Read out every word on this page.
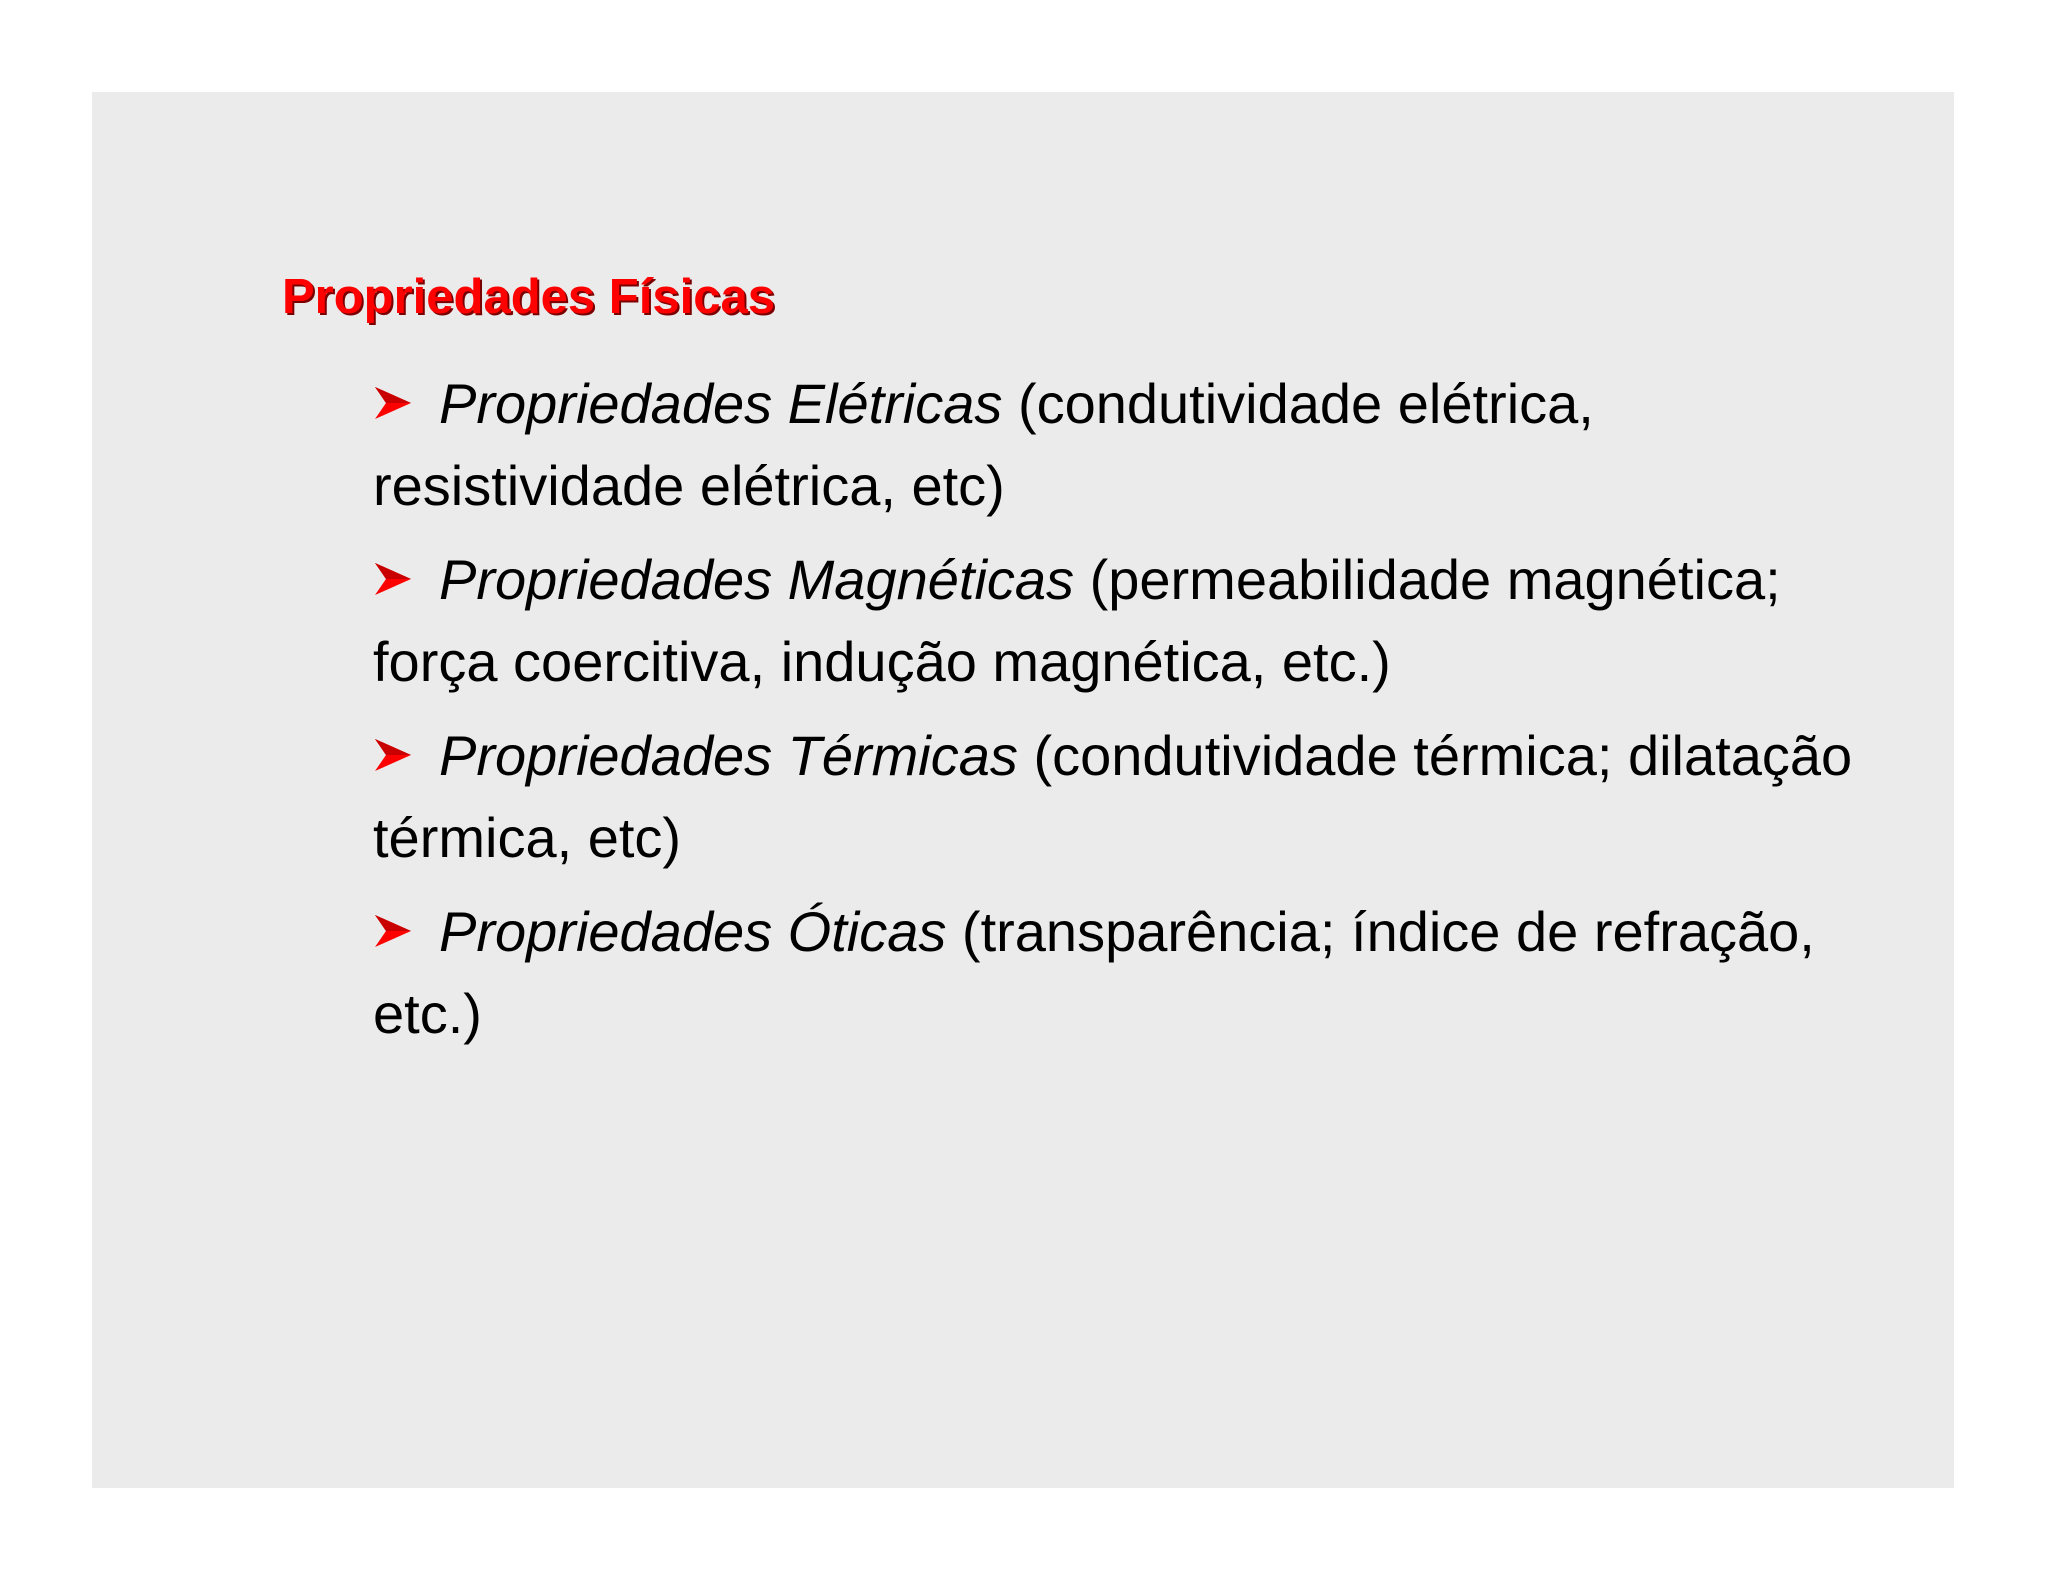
Propriedades Físicas
Propriedades Elétricas (condutividade elétrica, resistividade elétrica, etc)
Propriedades Magnéticas (permeabilidade magnética; força coercitiva, indução magnética, etc.)
Propriedades Térmicas (condutividade térmica; dilatação térmica, etc)
Propriedades Óticas (transparência; índice de refração, etc.)
